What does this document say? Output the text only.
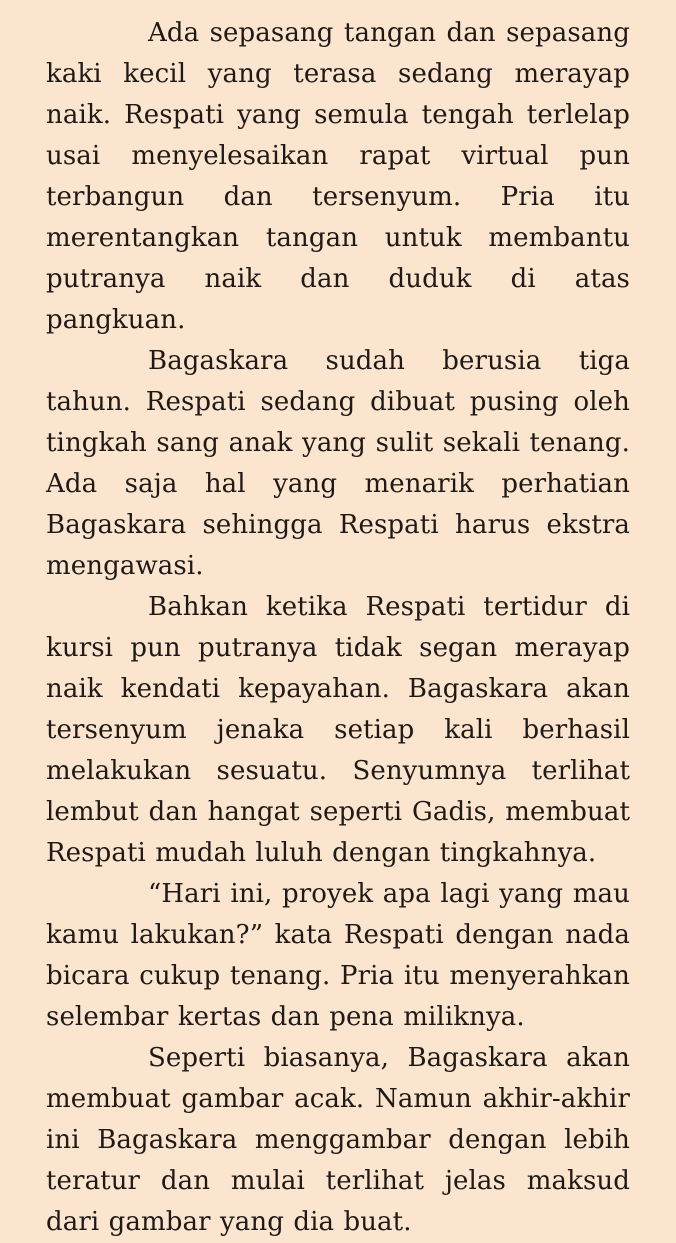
Ada sepasang tangan dan sepasang kaki kecil yang terasa sedang merayap naik. Respati yang semula tengah terlelap usai menyelesaikan rapat virtual pun terbangun dan tersenyum. Pria itu merentangkan tangan untuk membantu putranya naik dan duduk di atas pangkuan.

Bagaskara sudah berusia tiga tahun. Respati sedang dibuat pusing oleh tingkah sang anak yang sulit sekali tenang. Ada saja hal yang menarik perhatian Bagaskara sehingga Respati harus ekstra mengawasi.

Bahkan ketika Respati tertidur di kursi pun putranya tidak segan merayap naik kendati kepayahan. Bagaskara akan tersenyum jenaka setiap kali berhasil melakukan sesuatu. Senyumnya terlihat lembut dan hangat seperti Gadis, membuat Respati mudah luluh dengan tingkahnya.

“Hari ini, proyek apa lagi yang mau kamu lakukan?” kata Respati dengan nada bicara cukup tenang. Pria itu menyerahkan selembar kertas dan pena miliknya.

Seperti biasanya, Bagaskara akan membuat gambar acak. Namun akhir-akhir ini Bagaskara menggambar dengan lebih teratur dan mulai terlihat jelas maksud dari gambar yang dia buat.
